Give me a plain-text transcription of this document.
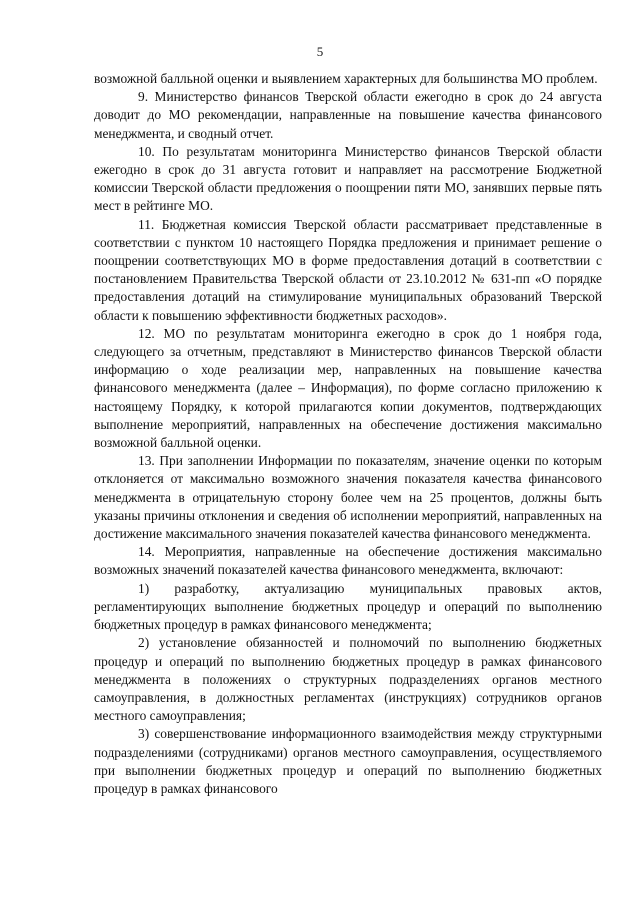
5

возможной балльной оценки и выявлением характерных для большинства МО проблем.

9. Министерство финансов Тверской области ежегодно в срок до 24 августа доводит до МО рекомендации, направленные на повышение качества финансового менеджмента, и сводный отчет.

10. По результатам мониторинга Министерство финансов Тверской области ежегодно в срок до 31 августа готовит и направляет на рассмотрение Бюджетной комиссии Тверской области предложения о поощрении пяти МО, занявших первые пять мест в рейтинге МО.

11. Бюджетная комиссия Тверской области рассматривает представленные в соответствии с пунктом 10 настоящего Порядка предложения и принимает решение о поощрении соответствующих МО в форме предоставления дотаций в соответствии с постановлением Правительства Тверской области от 23.10.2012 № 631-пп «О порядке предоставления дотаций на стимулирование муниципальных образований Тверской области к повышению эффективности бюджетных расходов».

12. МО по результатам мониторинга ежегодно в срок до 1 ноября года, следующего за отчетным, представляют в Министерство финансов Тверской области информацию о ходе реализации мер, направленных на повышение качества финансового менеджмента (далее – Информация), по форме согласно приложению к настоящему Порядку, к которой прилагаются копии документов, подтверждающих выполнение мероприятий, направленных на обеспечение достижения максимально возможной балльной оценки.

13. При заполнении Информации по показателям, значение оценки по которым отклоняется от максимально возможного значения показателя качества финансового менеджмента в отрицательную сторону более чем на 25 процентов, должны быть указаны причины отклонения и сведения об исполнении мероприятий, направленных на достижение максимального значения показателей качества финансового менеджмента.

14. Мероприятия, направленные на обеспечение достижения максимально возможных значений показателей качества финансового менеджмента, включают:

1) разработку, актуализацию муниципальных правовых актов, регламентирующих выполнение бюджетных процедур и операций по выполнению бюджетных процедур в рамках финансового менеджмента;

2) установление обязанностей и полномочий по выполнению бюджетных процедур и операций по выполнению бюджетных процедур в рамках финансового менеджмента в положениях о структурных подразделениях органов местного самоуправления, в должностных регламентах (инструкциях) сотрудников органов местного самоуправления;

3) совершенствование информационного взаимодействия между структурными подразделениями (сотрудниками) органов местного самоуправления, осуществляемого при выполнении бюджетных процедур и операций по выполнению бюджетных процедур в рамках финансового
